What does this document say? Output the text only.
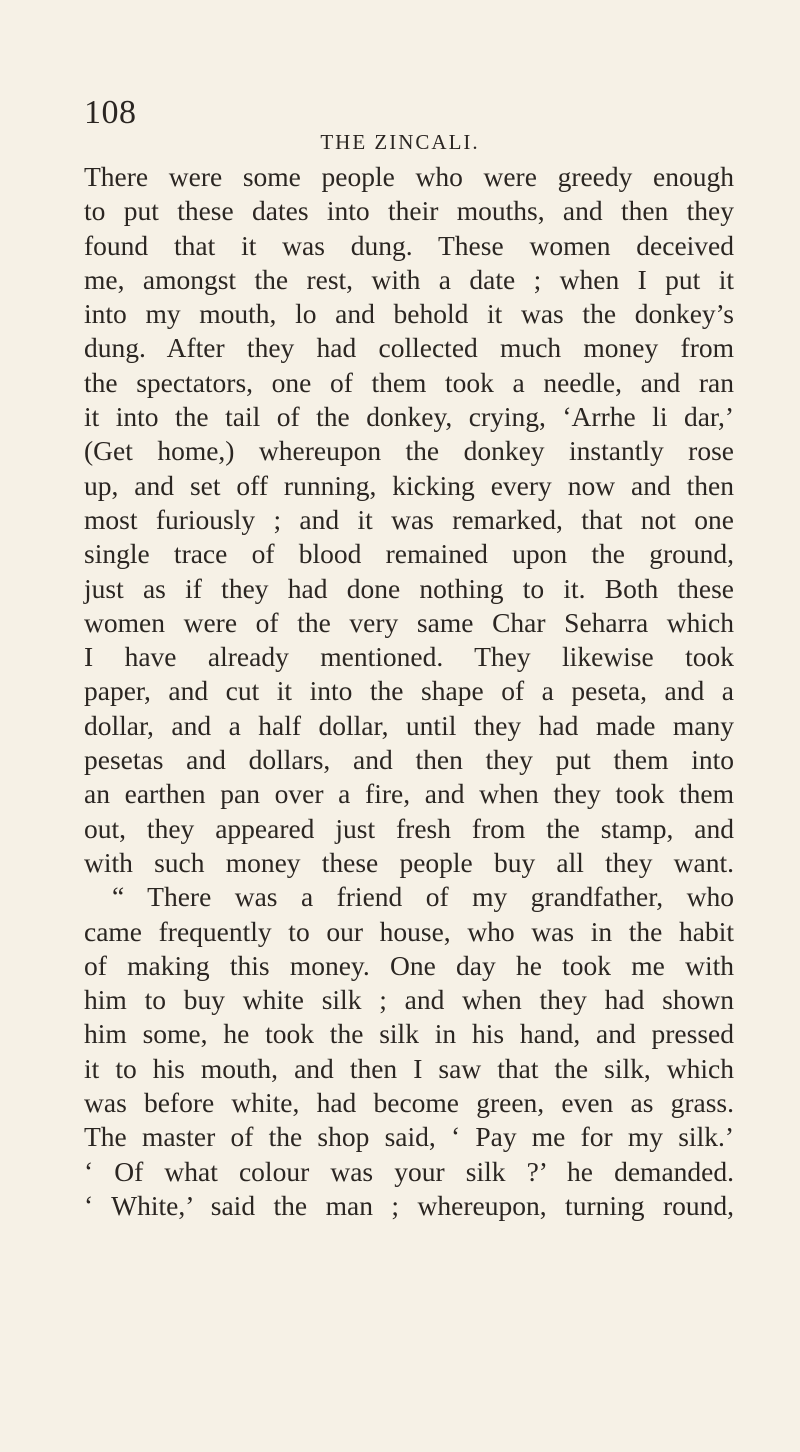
108
THE ZINCALI.
There were some people who were greedy enough
to put these dates into their mouths, and then they
found that it was dung. These women deceived
me, amongst the rest, with a date ; when I put it
into my mouth, lo and behold it was the donkey’s
dung. After they had collected much money from
the spectators, one of them took a needle, and ran
it into the tail of the donkey, crying, ‘Arrhe li dar,’
(Get home,) whereupon the donkey instantly rose
up, and set off running, kicking every now and then
most furiously ; and it was remarked, that not one
single trace of blood remained upon the ground,
just as if they had done nothing to it. Both these
women were of the very same Char Seharra which
I have already mentioned. They likewise took
paper, and cut it into the shape of a peseta, and a
dollar, and a half dollar, until they had made many
pesetas and dollars, and then they put them into
an earthen pan over a fire, and when they took them
out, they appeared just fresh from the stamp, and
with such money these people buy all they want.
“ There was a friend of my grandfather, who
came frequently to our house, who was in the habit
of making this money. One day he took me with
him to buy white silk ; and when they had shown
him some, he took the silk in his hand, and pressed
it to his mouth, and then I saw that the silk, which
was before white, had become green, even as grass.
The master of the shop said, ‘ Pay me for my silk.’
‘ Of what colour was your silk ?’ he demanded.
‘ White,’ said the man ; whereupon, turning round,
